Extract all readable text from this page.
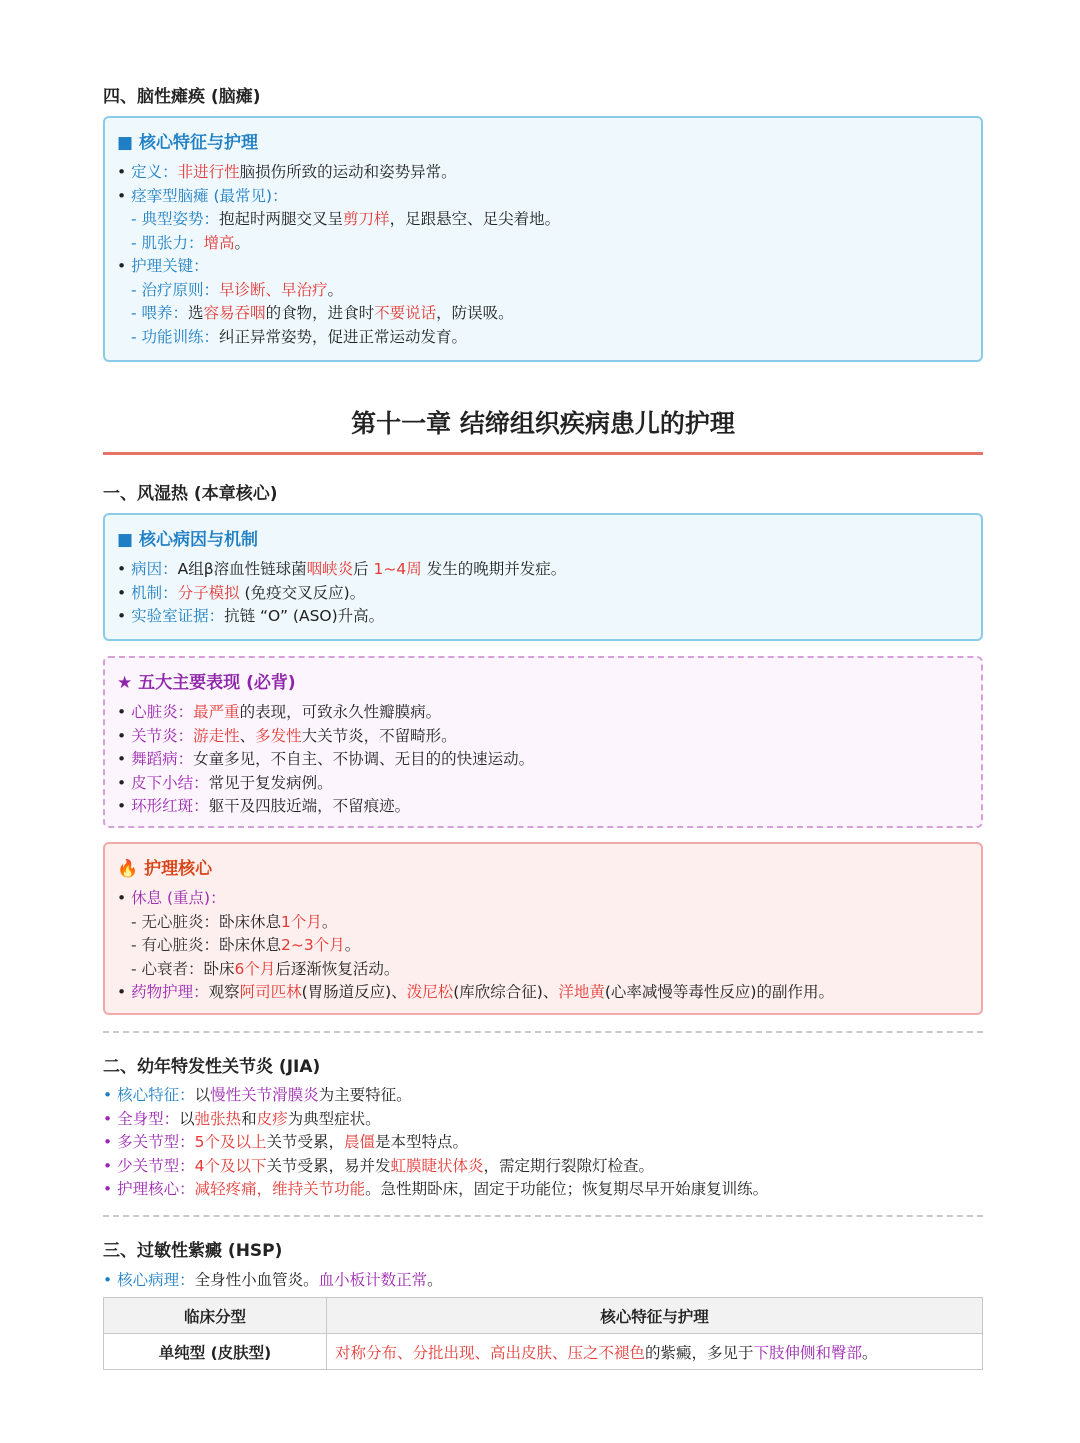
四、脑性瘫痪 (脑瘫)
■ 核心特征与护理
• 定义：非进行性脑损伤所致的运动和姿势异常。
• 痉挛型脑瘫 (最常见)：
- 典型姿势：抱起时两腿交叉呈剪刀样，足跟悬空、足尖着地。
- 肌张力：增高。
• 护理关键：
- 治疗原则：早诊断、早治疗。
- 喂养：选容易吞咽的食物，进食时不要说话，防误吸。
- 功能训练：纠正异常姿势，促进正常运动发育。
第十一章 结缔组织疾病患儿的护理
一、风湿热 (本章核心)
■ 核心病因与机制
• 病因：A组β溶血性链球菌咽峡炎后 1~4周 发生的晚期并发症。
• 机制：分子模拟 (免疫交叉反应)。
• 实验室证据：抗链 “O” (ASO)升高。
★ 五大主要表现 (必背)
• 心脏炎：最严重的表现，可致永久性瓣膜病。
• 关节炎：游走性、多发性大关节炎，不留畸形。
• 舞蹈病：女童多见，不自主、不协调、无目的的快速运动。
• 皮下小结：常见于复发病例。
• 环形红斑：躯干及四肢近端，不留痕迹。
🔥 护理核心
• 休息 (重点)：
- 无心脏炎：卧床休息1个月。
- 有心脏炎：卧床休息2~3个月。
- 心衰者：卧床6个月后逐渐恢复活动。
• 药物护理：观察阿司匹林(胃肠道反应)、泼尼松(库欣综合征)、洋地黄(心率减慢等毒性反应)的副作用。
二、幼年特发性关节炎 (JIA)
• 核心特征：以慢性关节滑膜炎为主要特征。
• 全身型：以弛张热和皮疹为典型症状。
• 多关节型：5个及以上关节受累，晨僵是本型特点。
• 少关节型：4个及以下关节受累，易并发虹膜睫状体炎，需定期行裂隙灯检查。
• 护理核心：减轻疼痛，维持关节功能。急性期卧床，固定于功能位；恢复期尽早开始康复训练。
三、过敏性紫癜 (HSP)
• 核心病理：全身性小血管炎。血小板计数正常。
临床分型	核心特征与护理
单纯型 (皮肤型)	对称分布、分批出现、高出皮肤、压之不褪色的紫癜，多见于下肢伸侧和臀部。
